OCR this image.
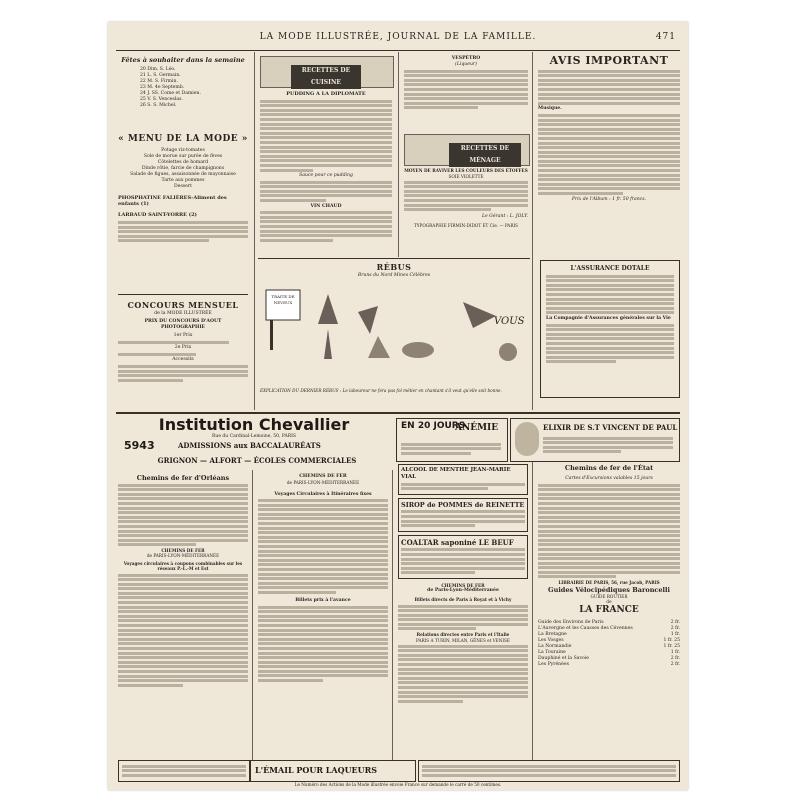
LA MODE ILLUSTRÉE, JOURNAL DE LA FAMILLE.	471
Fêtes à souhaiter dans la semaine
20 Dim. S. Léo.
21 L. S. Germain.
22 M. S. Firmin.
23 M. 4e Septemb.
24 J. SS. Come et Damien.
25 V. S. Venceslas.
26 S. S. Michel.
« MENU DE LA MODE »
Potage riz-tomates
Sole de morue sur purée de fèves
Côtelettes de homard
Dinde rôtie, farcie de champignons
Salade de figues, assaisonnée de mayonnaise
Tarte aux pommes
Dessert
PHOSPHATINE FALIÈRES-Aliment des enfants (1)
LARBAUD SAINT-YORRE (2)
CONCOURS MENSUEL
de la MODE ILLUSTRÉE
PRIX DU CONCOURS D'AOUT
PHOTOGRAPHIE
1er Prix
2e Prix
Accessits
RECETTES DE CUISINE
PUDDING A LA DIPLOMATE
Sauce pour ce pudding
VIN CHAUD
VESPÉTRO
(Liqueur)
RECETTES DE MÉNAGE
MOYEN DE RAVIVER LES COULEURS DES ÉTOFFES
SOIE VIOLETTE
Le Gérant : L. JOLY.
TYPOGRAPHIE FIRMIN-DIDOT ET Cie. — PARIS
AVIS IMPORTANT
Musique.
Prix de l'Album : 1 fr. 50 francs.
L'ASSURANCE DOTALE
La Compagnie d'Assurances générales sur la Vie
RÉBUS
Bruns du Nord Mines Célèbres
TRAITE DE NEVEUX
VOUS
EXPLICATION DU DERNIER RÉBUS : Le laboureur ne fera pas fol métier en chantant s'il veut qu'elle soit bonne.
Institution Chevallier
Rue du Cardinal-Lemoine, 50, PARIS
5943	ADMISSIONS aux BACCALAURÉATS
GRIGNON — ALFORT — ÉCOLES COMMERCIALES
EN 20 JOURS
ANÉMIE	ELIXIR DE S.T VINCENT DE PAUL
Chemins de fer d'Orléans
CHEMINS DE FER
de PARIS-LYON-MÉDITERRANÉE
Voyages circulaires à coupons combinables sur les réseaux P.-L.-M et Est
CHEMINS DE FER
de PARIS-LYON-MÉDITERRANÉE
Voyages Circulaires à Itinéraires fixes
Billets prix à l'avance
ALCOOL DE MENTHE JEAN-MARIE VIAL
SIROP de POMMES de REINETTE
COALTAR saponiné LE BEUF
CHEMINS DE FER
de Paris-Lyon-Méditerranée
Billets directs de Paris à Royat et à Vichy
Relations directes entre Paris et l'Italie
PARIS A TURIN, MILAN, GÊNES et VENISE
Chemins de fer de l'État
Cartes d'Excursions valables 15 jours
LIBRAIRIE DE PARIS, 56, rue Jacob, PARIS
Guides Vélocipédiques Baroncelli
GUIDE ROUTIER
de
LA FRANCE
Guide des Environs de Paris	2 fr.
L'Auvergne et les Causses des Cévennes	2 fr.
La Bretagne	1 fr.
Les Vosges	1 fr. 25
La Normandie	1 fr. 25
La Touraine	1 fr.
Dauphiné et la Savoie	2 fr.
Les Pyrénées	2 fr.
L'ÉMAIL POUR LAQUEURS
Le Numéro des Actions de la Mode illustrée envoie France sur demande le carré de 50 centimes.
